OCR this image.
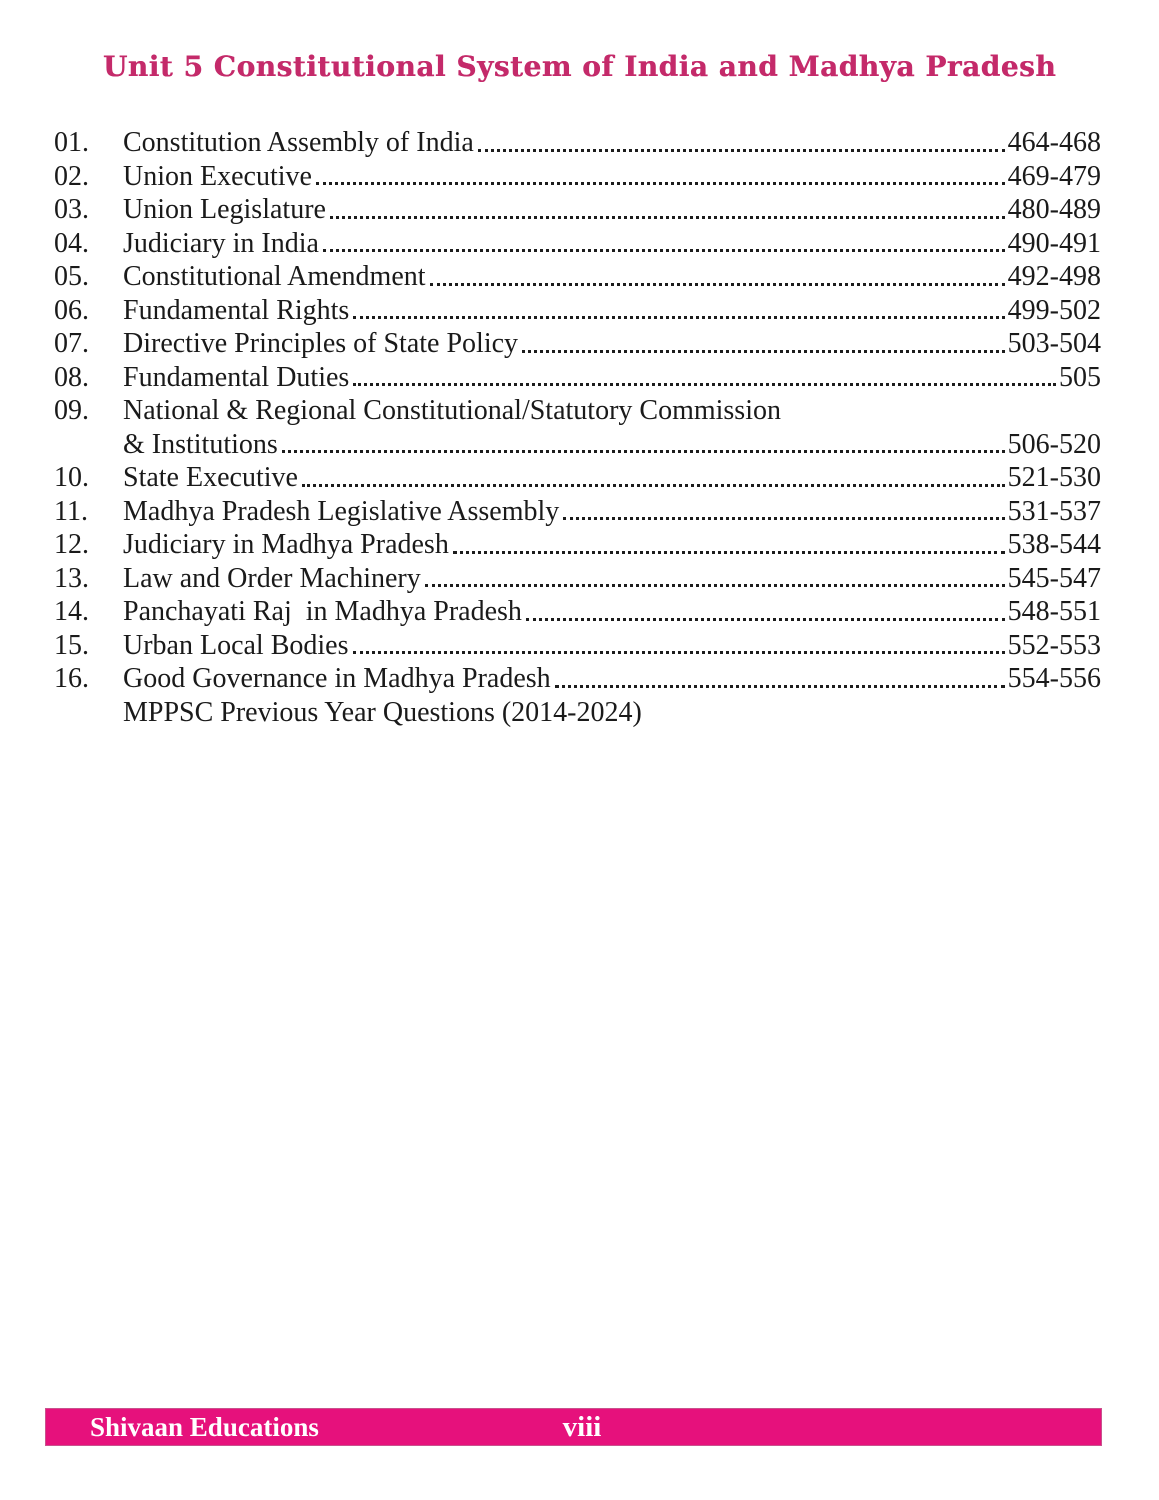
Unit 5 Constitutional System of India and Madhya Pradesh
01.	Constitution Assembly of India	464-468
02.	Union Executive	469-479
03.	Union Legislature	480-489
04.	Judiciary in India	490-491
05.	Constitutional Amendment	492-498
06.	Fundamental Rights	499-502
07.	Directive Principles of State Policy	503-504
08.	Fundamental Duties	505
09.	National & Regional Constitutional/Statutory Commission
& Institutions	506-520
10.	State Executive	521-530
11.	Madhya Pradesh Legislative Assembly	531-537
12.	Judiciary in Madhya Pradesh	538-544
13.	Law and Order Machinery	545-547
14.	Panchayati Raj  in Madhya Pradesh	548-551
15.	Urban Local Bodies	552-553
16.	Good Governance in Madhya Pradesh	554-556
MPPSC Previous Year Questions (2014-2024)
Shivaan Educations	viii
